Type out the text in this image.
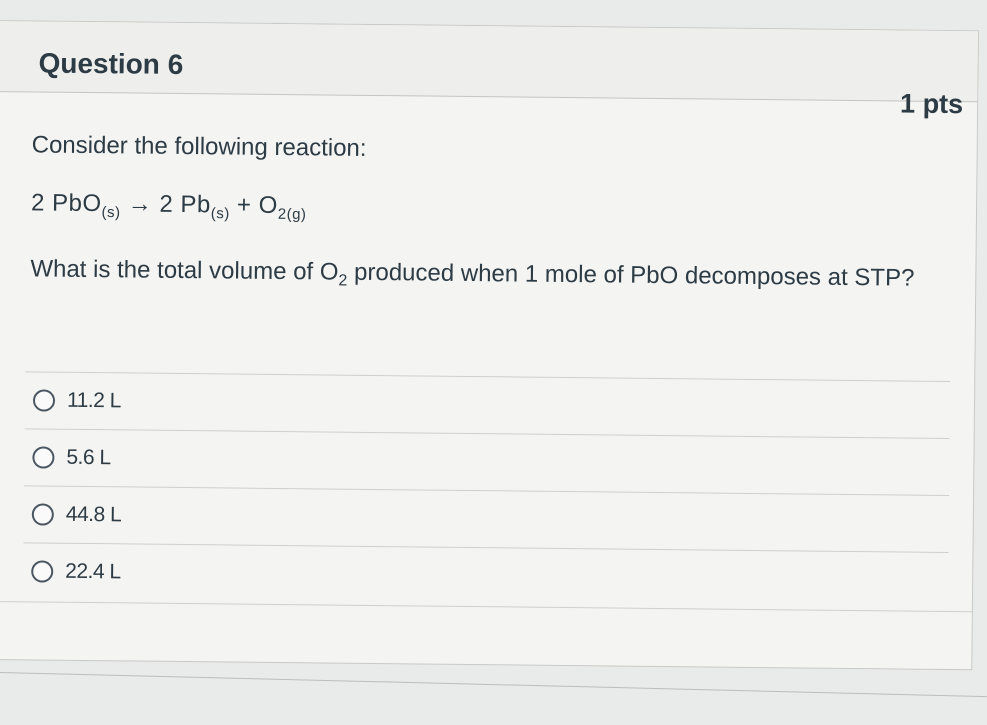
Question 6
1 pts

Consider the following reaction:

2 PbO$_{(s)}$ → 2 $Pb_{(s)} + O_{2(g)}$
What is the total volume of $O_2$ produced when 1 mole of PbO decomposes at STP?
11.2 L
5.6 L
44.8 L
22.4 L
